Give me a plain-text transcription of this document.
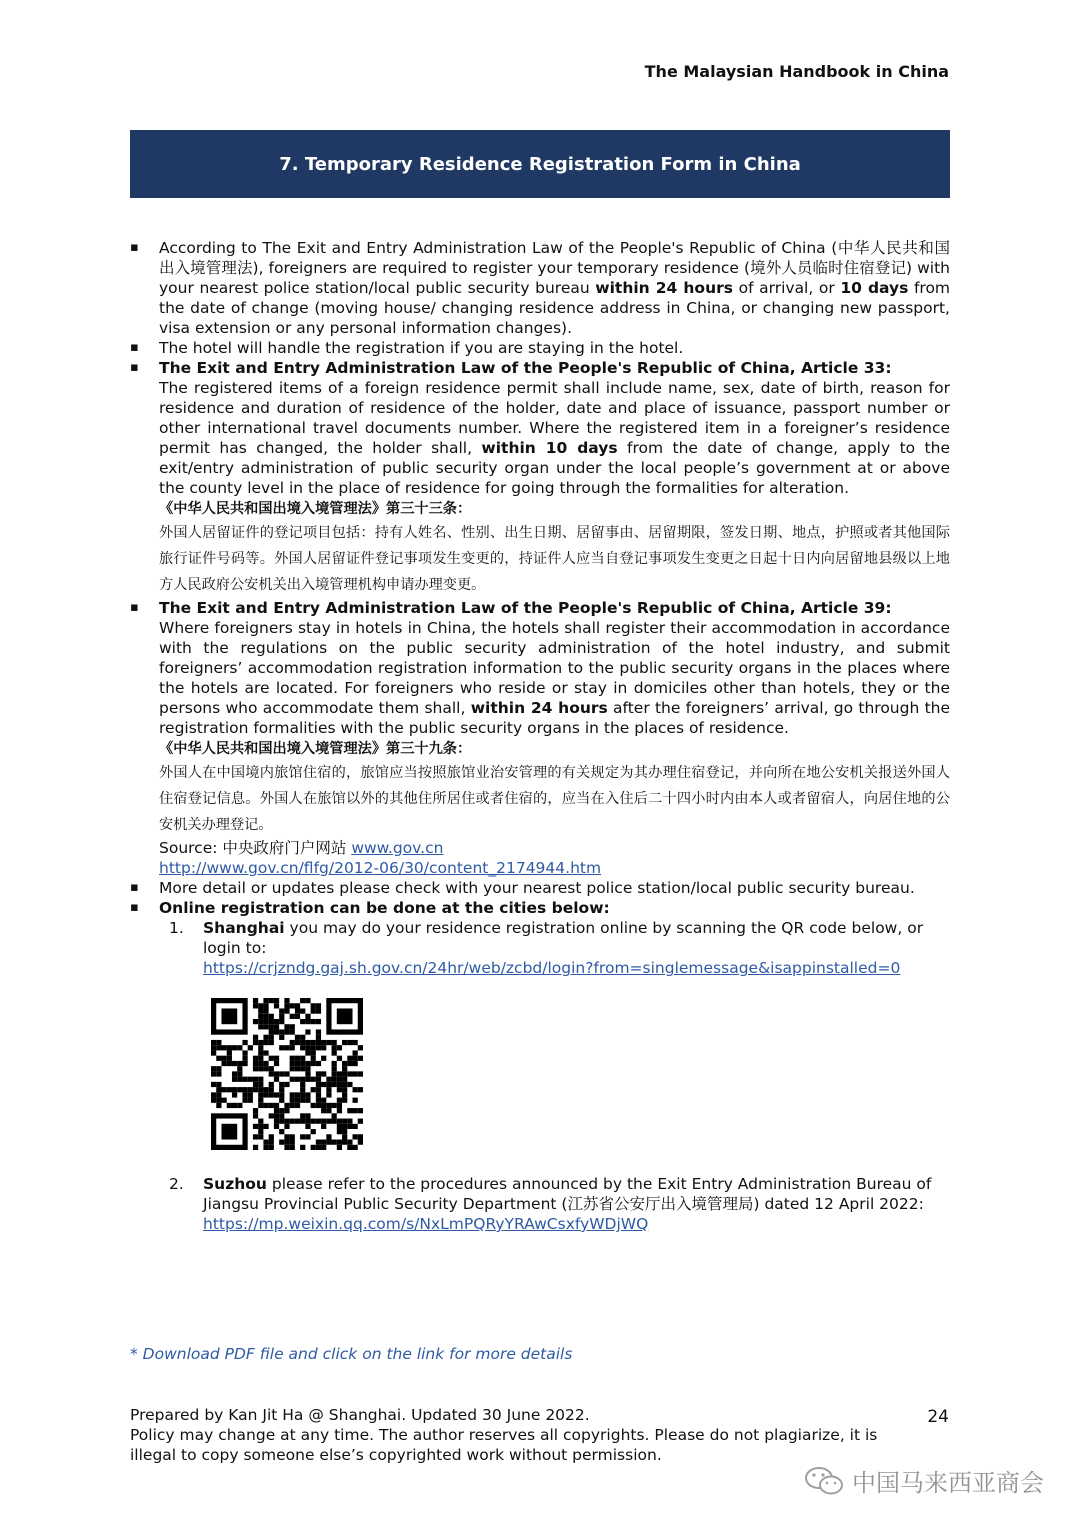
The Malaysian Handbook in China
7. Temporary Residence Registration Form in China
▪ According to The Exit and Entry Administration Law of the People's Republic of China (中华人民共和国出入境管理法), foreigners are required to register your temporary residence (境外人员临时住宿登记) with your nearest police station/local public security bureau within 24 hours of arrival, or 10 days from the date of change (moving house/ changing residence address in China, or changing new passport, visa extension or any personal information changes).
▪ The hotel will handle the registration if you are staying in the hotel.
▪ The Exit and Entry Administration Law of the People's Republic of China, Article 33:
The registered items of a foreign residence permit shall include name, sex, date of birth, reason for residence and duration of residence of the holder, date and place of issuance, passport number or other international travel documents number. Where the registered item in a foreigner’s residence permit has changed, the holder shall, within 10 days from the date of change, apply to the exit/entry administration of public security organ under the local people’s government at or above the county level in the place of residence for going through the formalities for alteration.
《中华人民共和国出境入境管理法》第三十三条：
外国人居留证件的登记项目包括：持有人姓名、性别、出生日期、居留事由、居留期限，签发日期、地点，护照或者其他国际旅行证件号码等。外国人居留证件登记事项发生变更的，持证件人应当自登记事项发生变更之日起十日内向居留地县级以上地方人民政府公安机关出入境管理机构申请办理变更。
▪ The Exit and Entry Administration Law of the People's Republic of China, Article 39:
Where foreigners stay in hotels in China, the hotels shall register their accommodation in accordance with the regulations on the public security administration of the hotel industry, and submit foreigners’ accommodation registration information to the public security organs in the places where the hotels are located. For foreigners who reside or stay in domiciles other than hotels, they or the persons who accommodate them shall, within 24 hours after the foreigners’ arrival, go through the registration formalities with the public security organs in the places of residence.
《中华人民共和国出境入境管理法》第三十九条：
外国人在中国境内旅馆住宿的，旅馆应当按照旅馆业治安管理的有关规定为其办理住宿登记，并向所在地公安机关报送外国人住宿登记信息。外国人在旅馆以外的其他住所居住或者住宿的，应当在入住后二十四小时内由本人或者留宿人，向居住地的公安机关办理登记。
Source: 中央政府门户网站 www.gov.cn
http://www.gov.cn/flfg/2012-06/30/content_2174944.htm
▪ More detail or updates please check with your nearest police station/local public security bureau.
▪ Online registration can be done at the cities below:
1. Shanghai you may do your residence registration online by scanning the QR code below, or login to:
https://crjzndg.gaj.sh.gov.cn/24hr/web/zcbd/login?from=singlemessage&isappinstalled=0
2. Suzhou please refer to the procedures announced by the Exit Entry Administration Bureau of Jiangsu Provincial Public Security Department (江苏省公安厅出入境管理局) dated 12 April 2022:
https://mp.weixin.qq.com/s/NxLmPQRyYRAwCsxfyWDjWQ
* Download PDF file and click on the link for more details
Prepared by Kan Jit Ha @ Shanghai. Updated 30 June 2022.
Policy may change at any time. The author reserves all copyrights. Please do not plagiarize, it is illegal to copy someone else’s copyrighted work without permission.
24
中国马来西亚商会
